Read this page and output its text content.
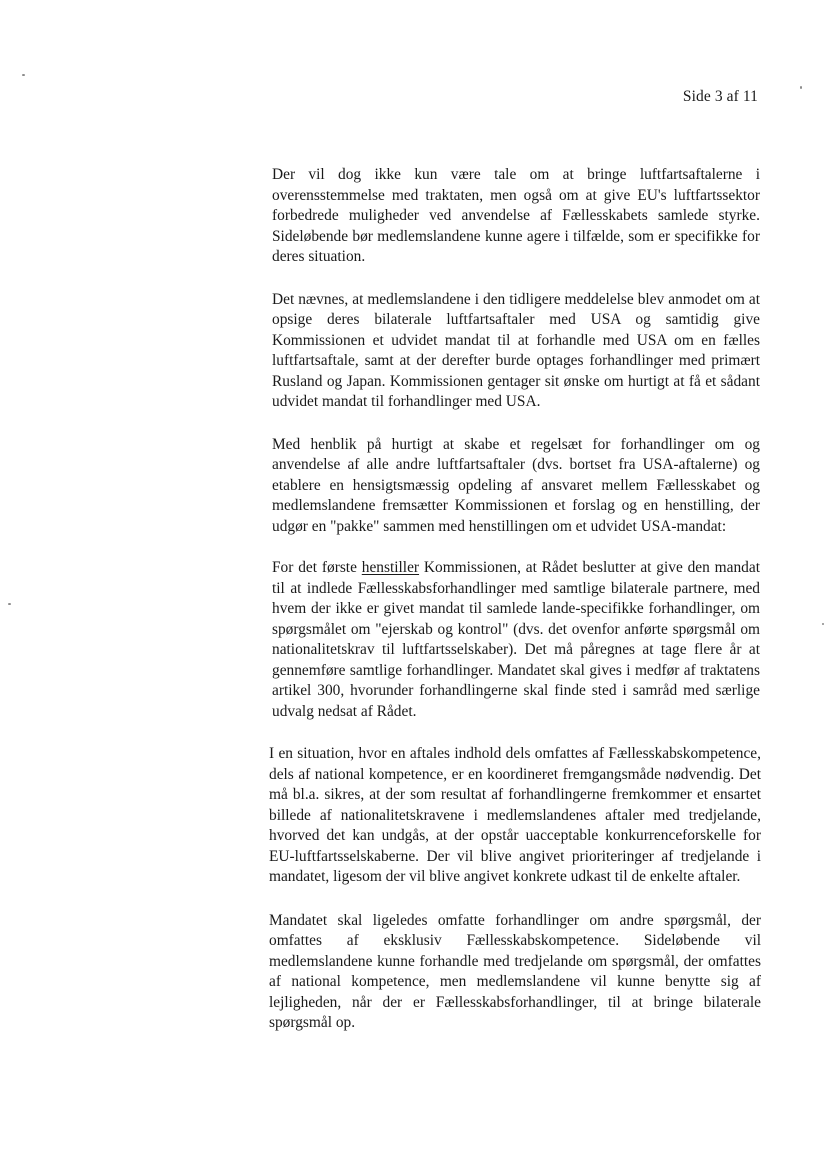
Side 3 af 11

Der vil dog ikke kun være tale om at bringe luftfartsaftalerne i overensstemmelse med traktaten, men også om at give EU's luftfartssektor forbedrede muligheder ved anvendelse af Fællesskabets samlede styrke. Sideløbende bør medlemslandene kunne agere i tilfælde, som er specifikke for deres situation.

Det nævnes, at medlemslandene i den tidligere meddelelse blev anmodet om at opsige deres bilaterale luftfartsaftaler med USA og samtidig give Kommissionen et udvidet mandat til at forhandle med USA om en fælles luftfartsaftale, samt at der derefter burde optages forhandlinger med primært Rusland og Japan. Kommissionen gentager sit ønske om hurtigt at få et sådant udvidet mandat til forhandlinger med USA.

Med henblik på hurtigt at skabe et regelsæt for forhandlinger om og anvendelse af alle andre luftfartsaftaler (dvs. bortset fra USA-aftalerne) og etablere en hensigtsmæssig opdeling af ansvaret mellem Fællesskabet og medlemslandene fremsætter Kommissionen et forslag og en henstilling, der udgør en "pakke" sammen med henstillingen om et udvidet USA-mandat:

For det første henstiller Kommissionen, at Rådet beslutter at give den mandat til at indlede Fællesskabsforhandlinger med samtlige bilaterale partnere, med hvem der ikke er givet mandat til samlede lande-specifikke forhandlinger, om spørgsmålet om "ejerskab og kontrol" (dvs. det ovenfor anførte spørgsmål om nationalitetskrav til luftfartsselskaber). Det må påregnes at tage flere år at gennemføre samtlige forhandlinger. Mandatet skal gives i medfør af traktatens artikel 300, hvorunder forhandlingerne skal finde sted i samråd med særlige udvalg nedsat af Rådet.

I en situation, hvor en aftales indhold dels omfattes af Fællesskabskompetence, dels af national kompetence, er en koordineret fremgangsmåde nødvendig. Det må bl.a. sikres, at der som resultat af forhandlingerne fremkommer et ensartet billede af nationalitetskravene i medlemslandenes aftaler med tredjelande, hvorved det kan undgås, at der opstår uacceptable konkurrenceforskelle for EU-luftfartsselskaberne. Der vil blive angivet prioriteringer af tredjelande i mandatet, ligesom der vil blive angivet konkrete udkast til de enkelte aftaler.

Mandatet skal ligeledes omfatte forhandlinger om andre spørgsmål, der omfattes af eksklusiv Fællesskabskompetence. Sideløbende vil medlemslandene kunne forhandle med tredjelande om spørgsmål, der omfattes af national kompetence, men medlemslandene vil kunne benytte sig af lejligheden, når der er Fællesskabsforhandlinger, til at bringe bilaterale spørgsmål op.
